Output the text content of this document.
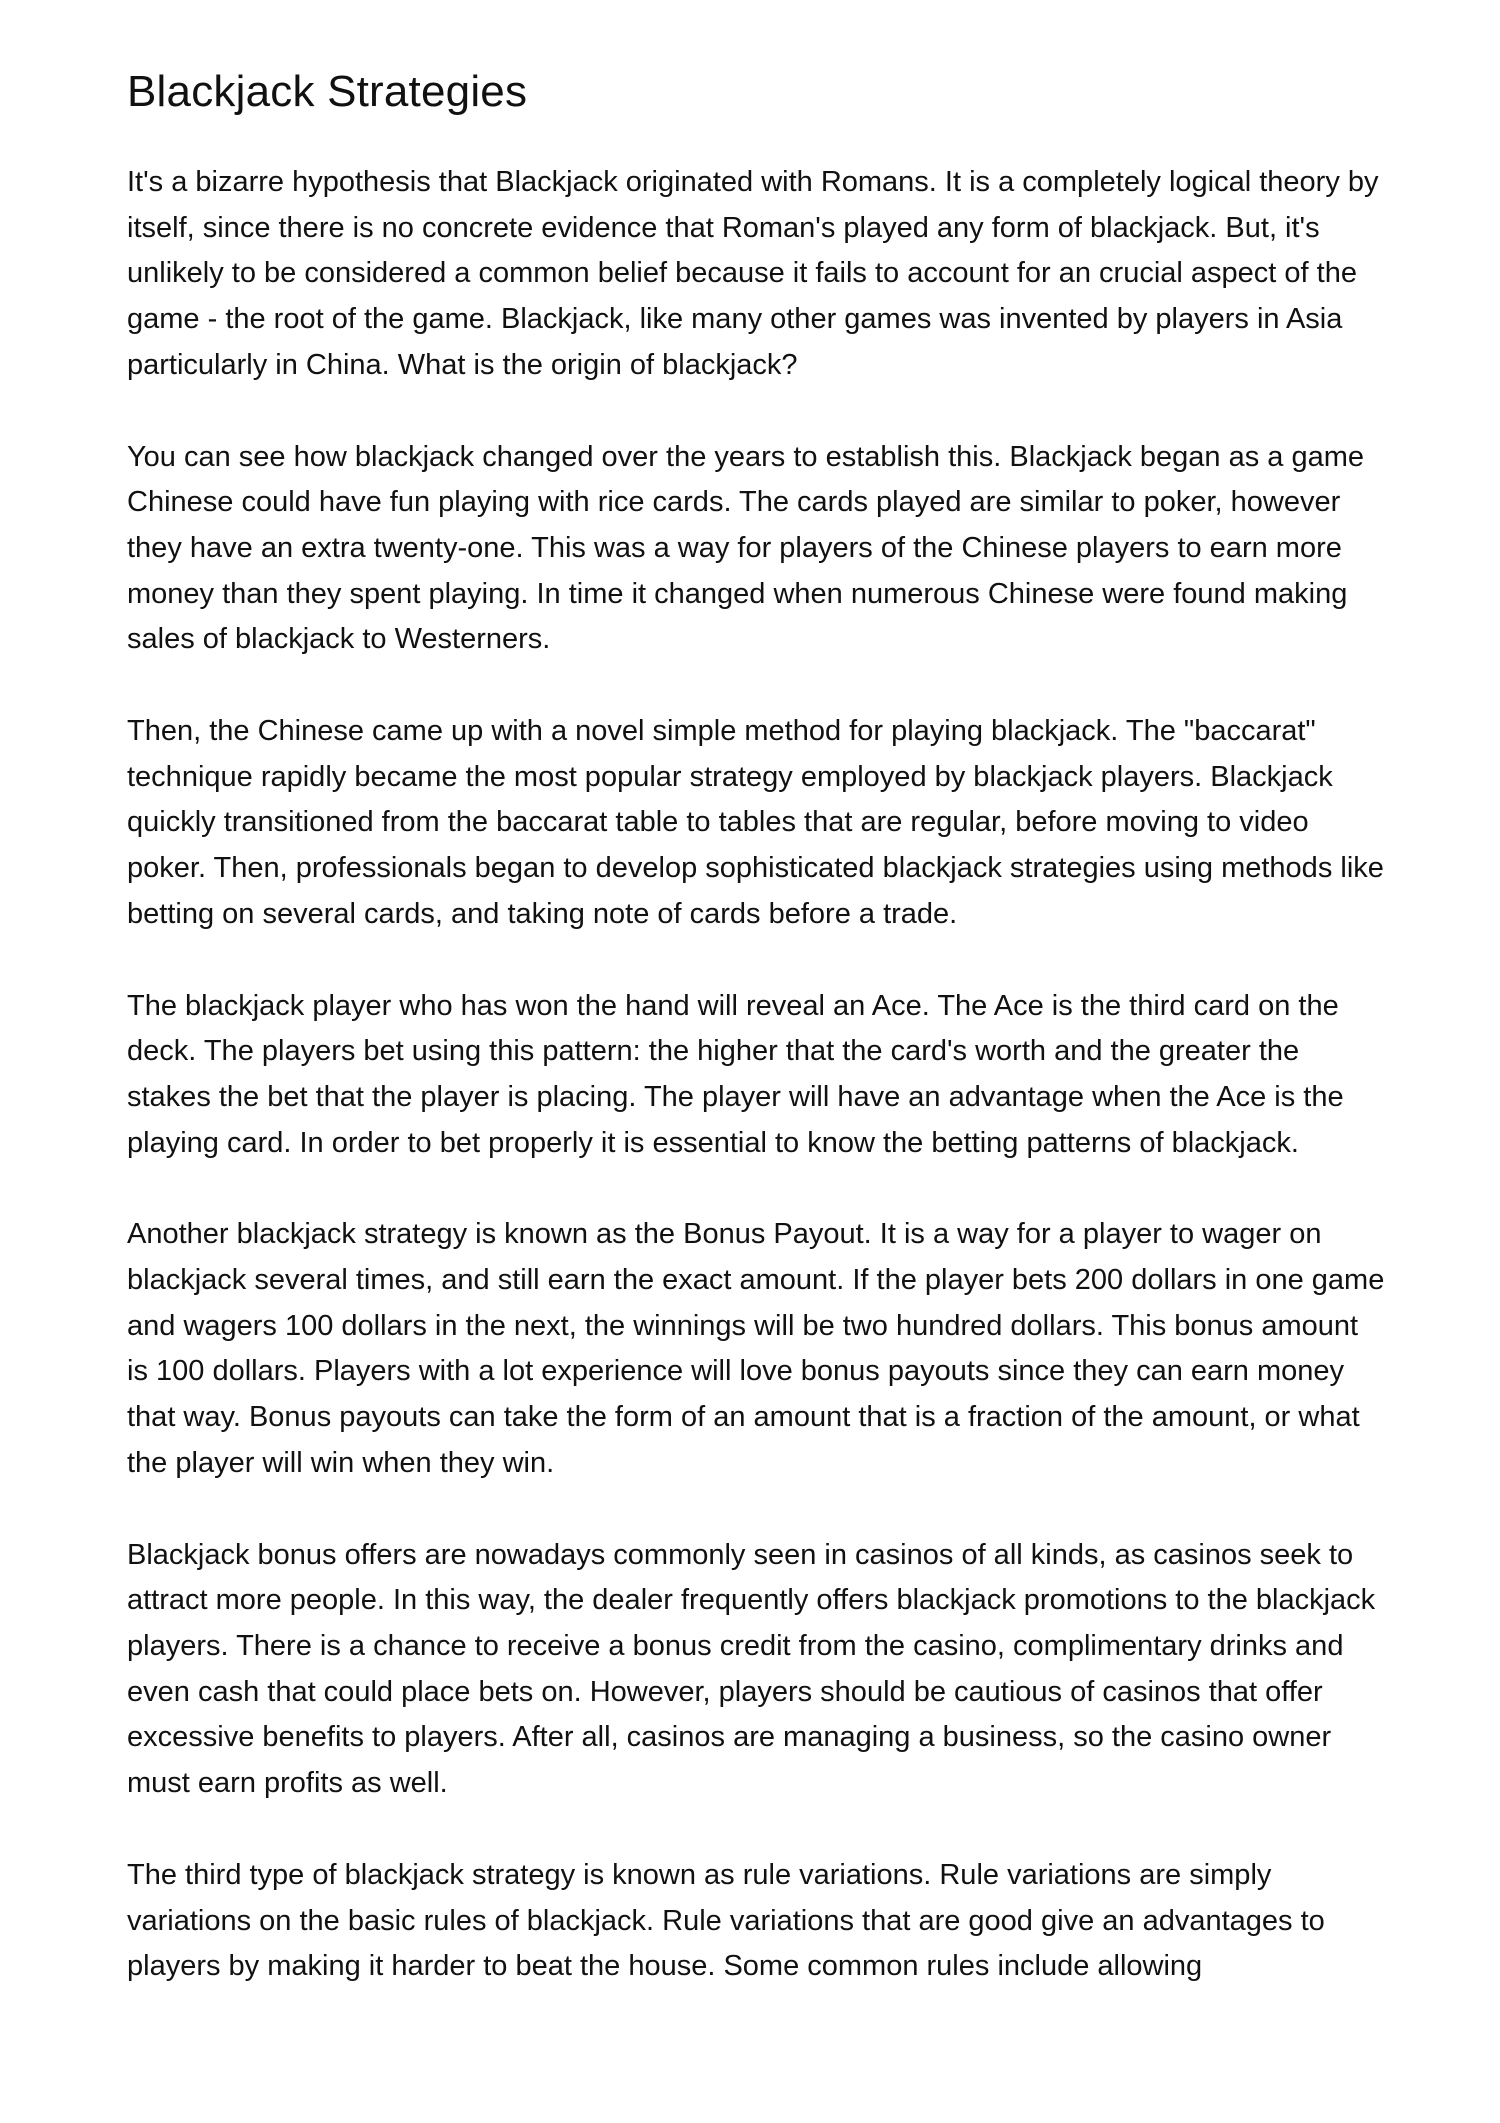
Blackjack Strategies

It's a bizarre hypothesis that Blackjack originated with Romans. It is a completely logical theory by itself, since there is no concrete evidence that Roman's played any form of blackjack. But, it's unlikely to be considered a common belief because it fails to account for an crucial aspect of the game - the root of the game. Blackjack, like many other games was invented by players in Asia particularly in China. What is the origin of blackjack?

You can see how blackjack changed over the years to establish this. Blackjack began as a game Chinese could have fun playing with rice cards. The cards played are similar to poker, however they have an extra twenty-one. This was a way for players of the Chinese players to earn more money than they spent playing. In time it changed when numerous Chinese were found making sales of blackjack to Westerners.

Then, the Chinese came up with a novel simple method for playing blackjack. The "baccarat" technique rapidly became the most popular strategy employed by blackjack players. Blackjack quickly transitioned from the baccarat table to tables that are regular, before moving to video poker. Then, professionals began to develop sophisticated blackjack strategies using methods like betting on several cards, and taking note of cards before a trade.

The blackjack player who has won the hand will reveal an Ace. The Ace is the third card on the deck. The players bet using this pattern: the higher that the card's worth and the greater the stakes the bet that the player is placing. The player will have an advantage when the Ace is the playing card. In order to bet properly it is essential to know the betting patterns of blackjack.

Another blackjack strategy is known as the Bonus Payout. It is a way for a player to wager on blackjack several times, and still earn the exact amount. If the player bets 200 dollars in one game and wagers 100 dollars in the next, the winnings will be two hundred dollars. This bonus amount is 100 dollars. Players with a lot experience will love bonus payouts since they can earn money that way. Bonus payouts can take the form of an amount that is a fraction of the amount, or what the player will win when they win.

Blackjack bonus offers are nowadays commonly seen in casinos of all kinds, as casinos seek to attract more people. In this way, the dealer frequently offers blackjack promotions to the blackjack players. There is a chance to receive a bonus credit from the casino, complimentary drinks and even cash that could place bets on. However, players should be cautious of casinos that offer excessive benefits to players. After all, casinos are managing a business, so the casino owner must earn profits as well.

The third type of blackjack strategy is known as rule variations. Rule variations are simply variations on the basic rules of blackjack. Rule variations that are good give an advantages to players by making it harder to beat the house. Some common rules include allowing
